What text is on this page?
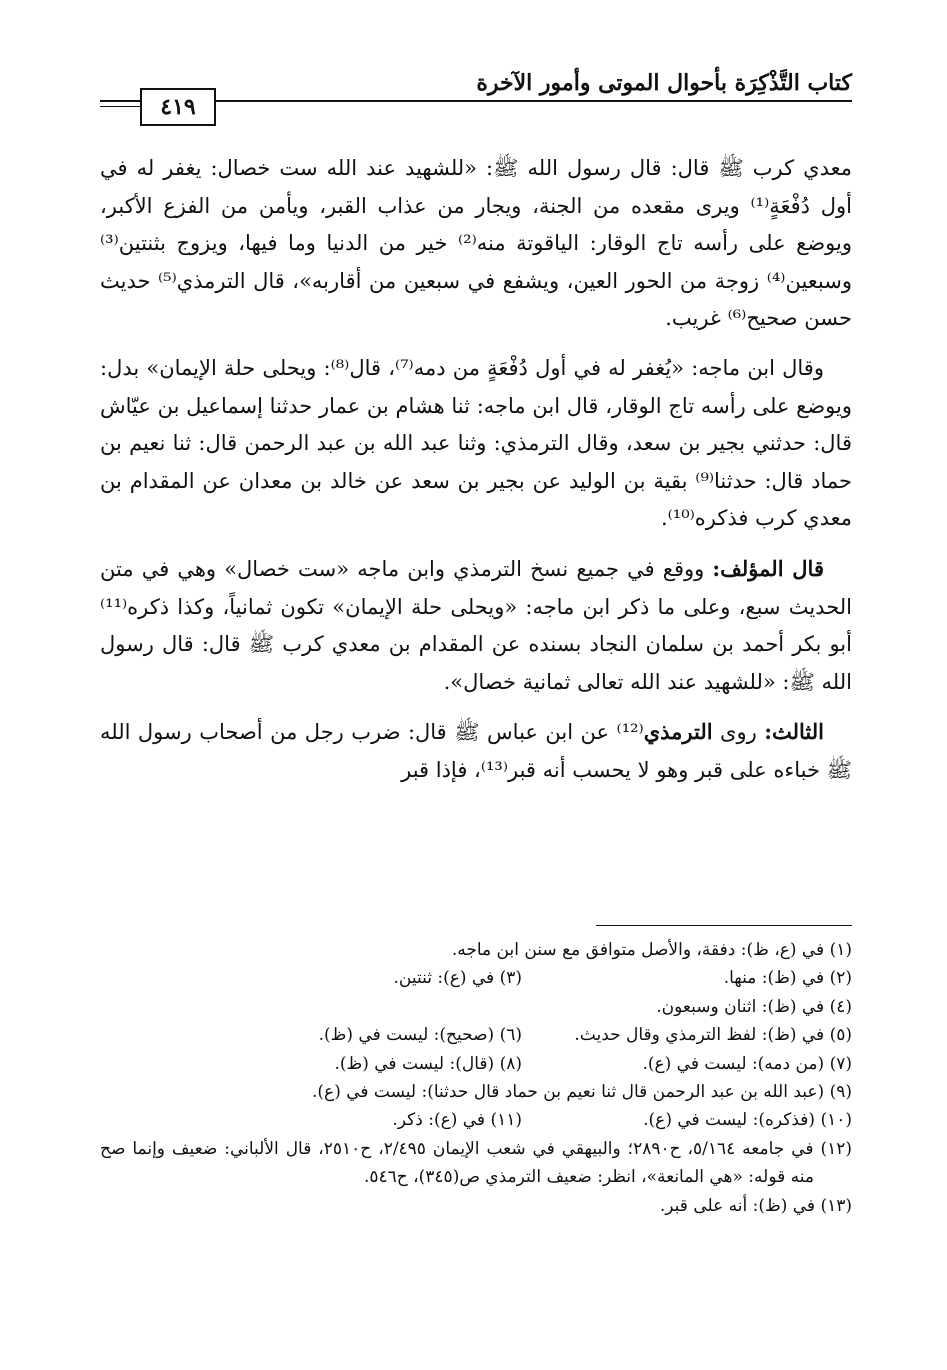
كتاب التَّذْكِرَة بأحوال الموتى وأمور الآخرة
٤١٩

معدي كرب ﷺ قال: قال رسول الله ﷺ: «للشهيد عند الله ست خصال: يغفر له في أول دُفْعَةٍ⁽¹⁾ ويرى مقعده من الجنة، ويجار من عذاب القبر، ويأمن من الفزع الأكبر، ويوضع على رأسه تاج الوقار: الياقوتة منه⁽²⁾ خير من الدنيا وما فيها، ويزوج بثنتين⁽³⁾ وسبعين⁽⁴⁾ زوجة من الحور العين، ويشفع في سبعين من أقاربه»، قال الترمذي⁽⁵⁾ حديث حسن صحيح⁽⁶⁾ غريب.

وقال ابن ماجه: «يُغفر له في أول دُفْعَةٍ من دمه⁽⁷⁾، قال⁽⁸⁾: ويحلى حلة الإيمان» بدل: ويوضع على رأسه تاج الوقار، قال ابن ماجه: ثنا هشام بن عمار حدثنا إسماعيل بن عيّاش قال: حدثني بجير بن سعد، وقال الترمذي: وثنا عبد الله بن عبد الرحمن قال: ثنا نعيم بن حماد قال: حدثنا⁽⁹⁾ بقية بن الوليد عن بجير بن سعد عن خالد بن معدان عن المقدام بن معدي كرب فذكره⁽¹⁰⁾.

قال المؤلف: ووقع في جميع نسخ الترمذي وابن ماجه «ست خصال» وهي في متن الحديث سبع، وعلى ما ذكر ابن ماجه: «ويحلى حلة الإيمان» تكون ثمانياً، وكذا ذكره⁽¹¹⁾ أبو بكر أحمد بن سلمان النجاد بسنده عن المقدام بن معدي كرب ﷺ قال: قال رسول الله ﷺ: «للشهيد عند الله تعالى ثمانية خصال».

الثالث: روى الترمذي⁽¹²⁾ عن ابن عباس ﷺ قال: ضرب رجل من أصحاب رسول الله ﷺ خباءه على قبر وهو لا يحسب أنه قبر⁽¹³⁾، فإذا قبر

(١) في (ع، ظ): دفقة، والأصل متوافق مع سنن ابن ماجه.
(٢) في (ظ): منها.
(٣) في (ع): ثنتين.
(٤) في (ظ): اثنان وسبعون.
(٥) في (ظ): لفظ الترمذي وقال حديث.
(٦) (صحيح): ليست في (ظ).
(٧) (من دمه): ليست في (ع).
(٨) (قال): ليست في (ظ).
(٩) (عبد الله بن عبد الرحمن قال ثنا نعيم بن حماد قال حدثنا): ليست في (ع).
(١٠) (فذكره): ليست في (ع).
(١١) في (ع): ذكر.
(١٢) في جامعه ٥/١٦٤، ح٢٨٩٠؛ والبيهقي في شعب الإيمان ٢/٤٩٥، ح٢٥١٠، قال الألباني: ضعيف وإنما صح منه قوله: «هي المانعة»، انظر: ضعيف الترمذي ص(٣٤٥)، ح٥٤٦.
(١٣) في (ظ): أنه على قبر.
